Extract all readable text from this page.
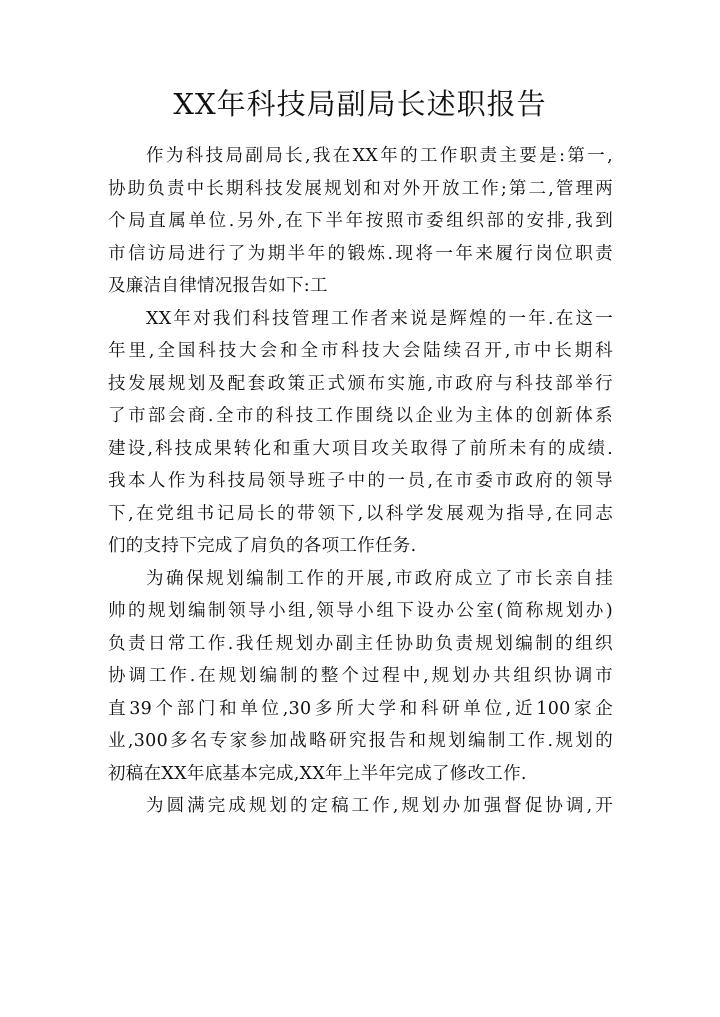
XX年科技局副局长述职报告
作为科技局副局长,我在XX年的工作职责主要是:第一,
协助负责中长期科技发展规划和对外开放工作;第二,管理两
个局直属单位.另外,在下半年按照市委组织部的安排,我到
市信访局进行了为期半年的锻炼.现将一年来履行岗位职责
及廉洁自律情况报告如下:工
XX年对我们科技管理工作者来说是辉煌的一年.在这一
年里,全国科技大会和全市科技大会陆续召开,市中长期科
技发展规划及配套政策正式颁布实施,市政府与科技部举行
了市部会商.全市的科技工作围绕以企业为主体的创新体系
建设,科技成果转化和重大项目攻关取得了前所未有的成绩.
我本人作为科技局领导班子中的一员,在市委市政府的领导
下,在党组书记局长的带领下,以科学发展观为指导,在同志
们的支持下完成了肩负的各项工作任务.
为确保规划编制工作的开展,市政府成立了市长亲自挂
帅的规划编制领导小组,领导小组下设办公室(简称规划办)
负责日常工作.我任规划办副主任协助负责规划编制的组织
协调工作.在规划编制的整个过程中,规划办共组织协调市
直39个部门和单位,30多所大学和科研单位,近100家企
业,300多名专家参加战略研究报告和规划编制工作.规划的
初稿在XX年底基本完成,XX年上半年完成了修改工作.
为圆满完成规划的定稿工作,规划办加强督促协调,开
